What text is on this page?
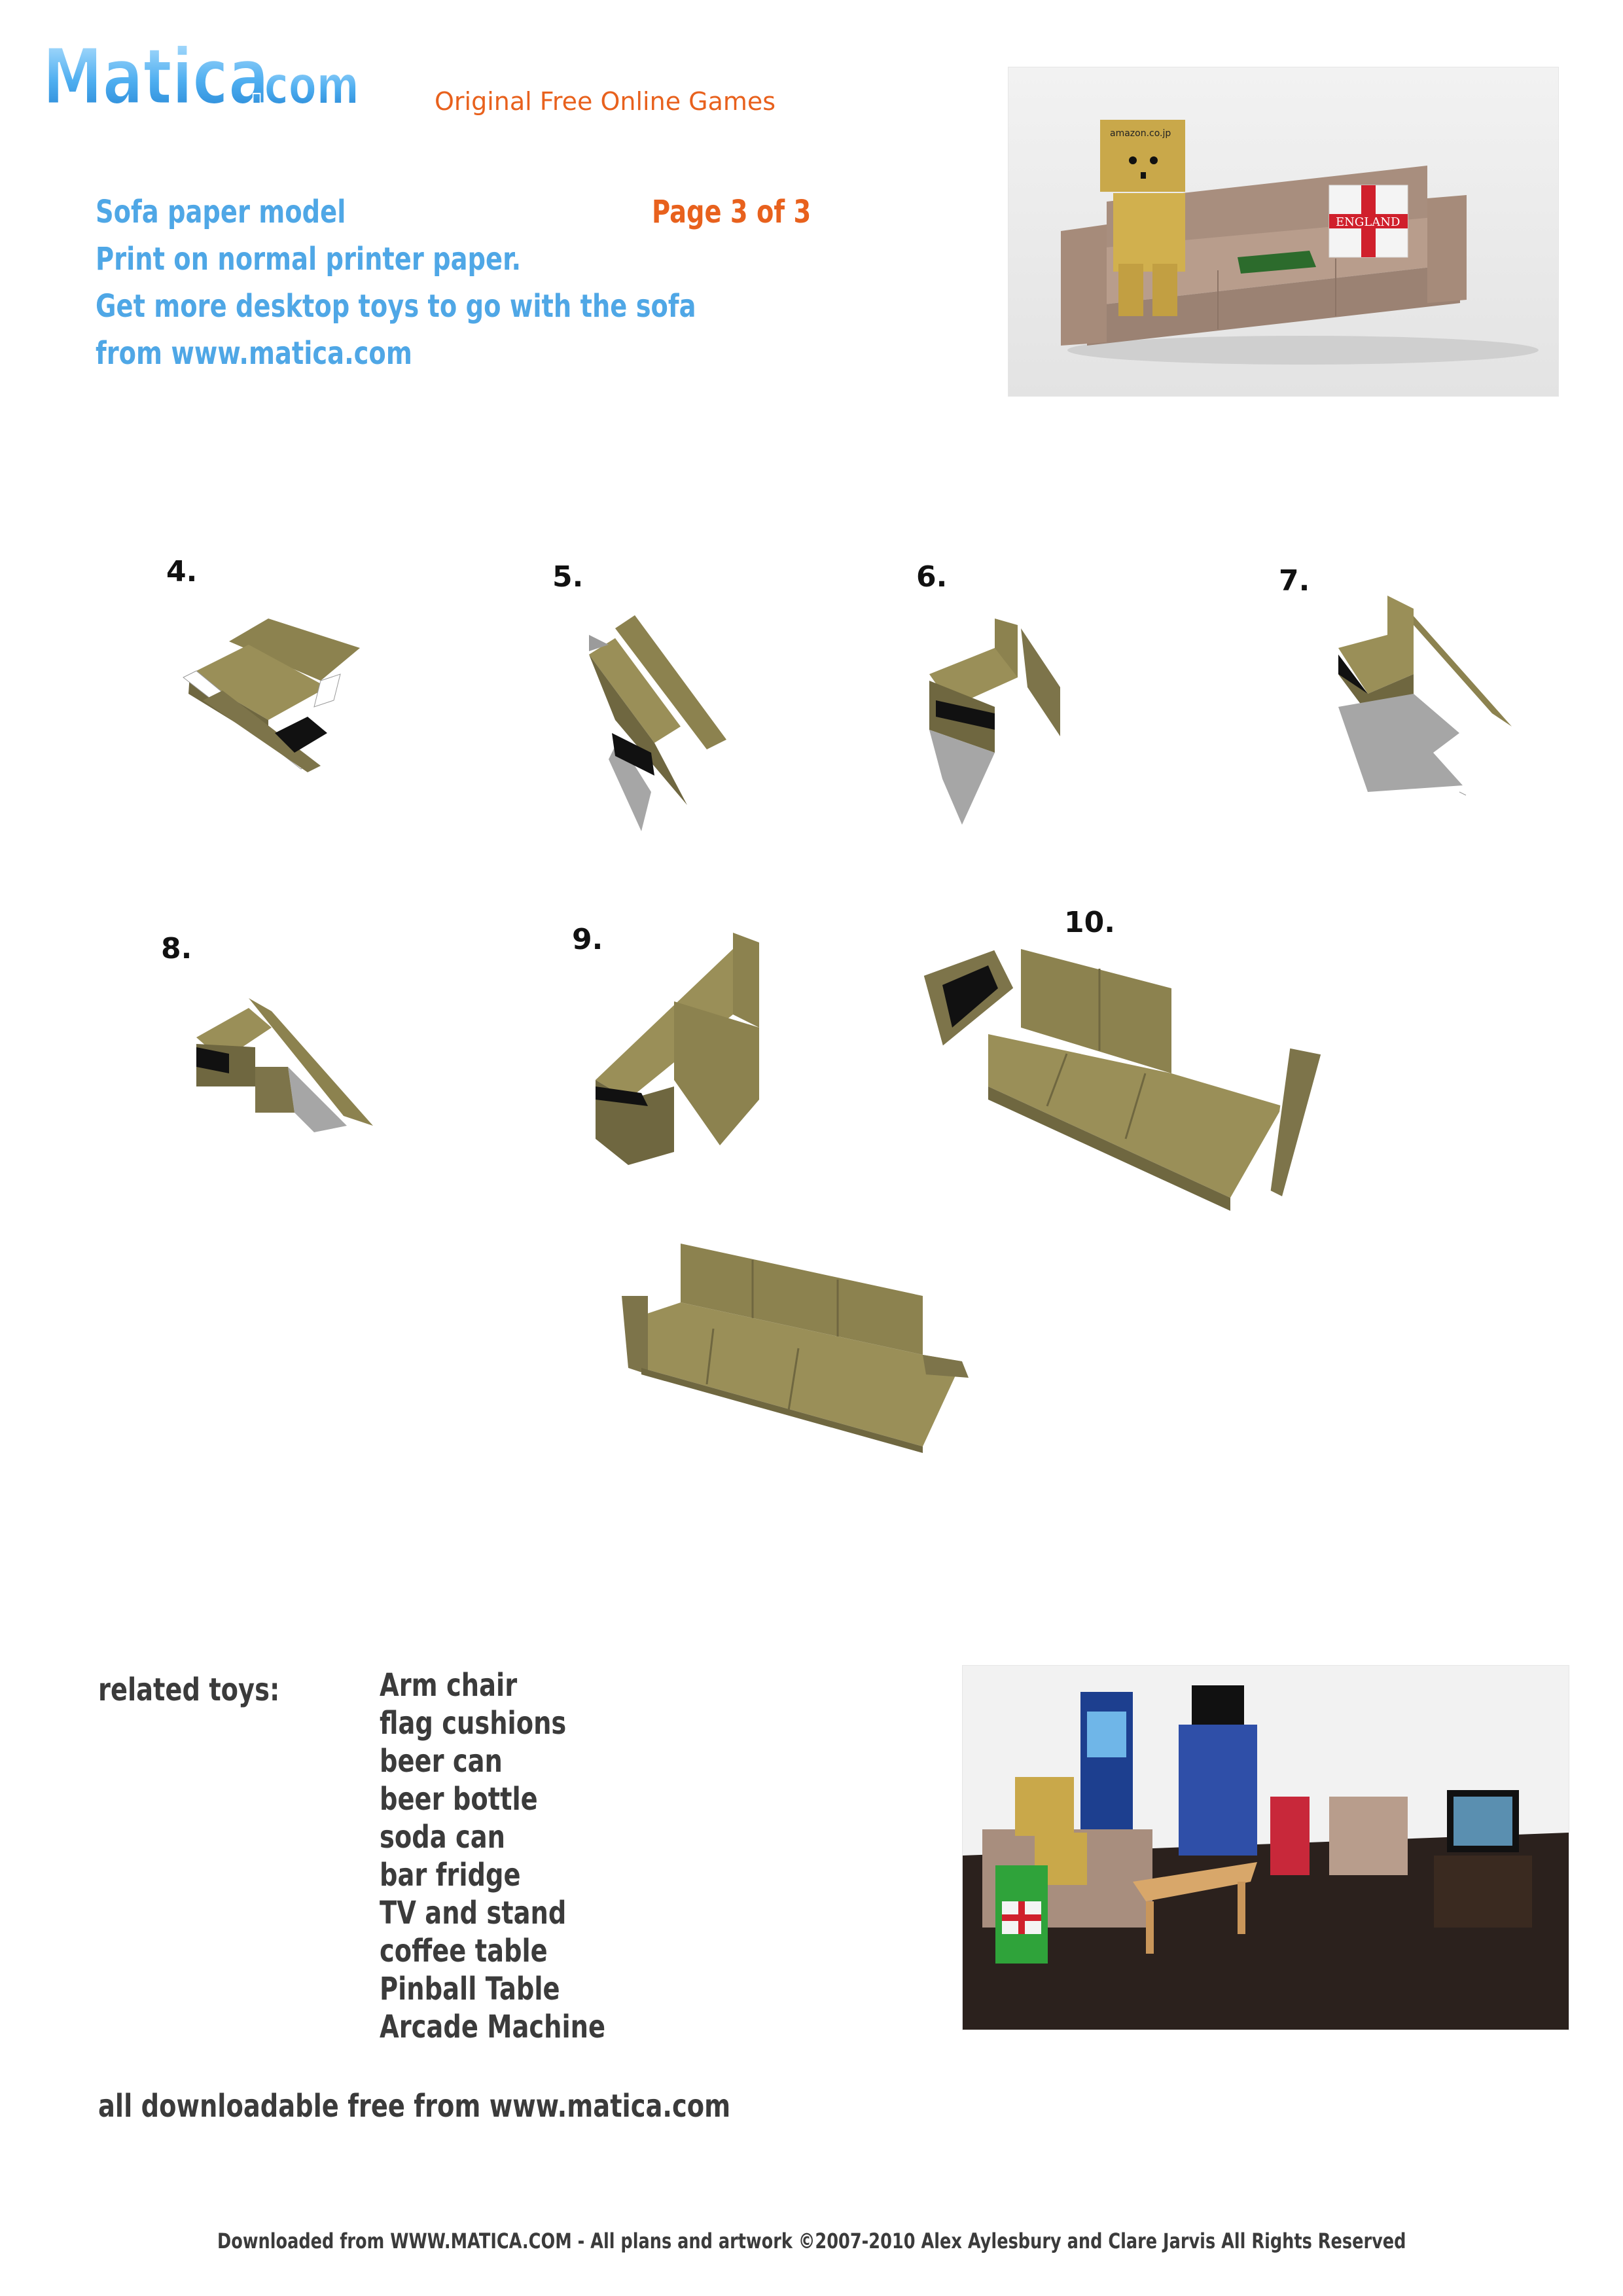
Matica
.com	Original Free Online Games
Sofa paper model	Page 3 of 3
Print on normal printer paper.
Get more desktop toys to go with the sofa
from www.matica.com
amazon.co.jp
ENGLAND
4.	5.	6.	7.
8.	9.
10.
related toys:	Arm chair
flag cushions
beer can
beer bottle
soda can
bar fridge
TV and stand
coffee table
Pinball Table
Arcade Machine
all downloadable free from www.matica.com
Downloaded from WWW.MATICA.COM - All plans and artwork ©2007-2010 Alex Aylesbury and Clare Jarvis All Rights Reserved
